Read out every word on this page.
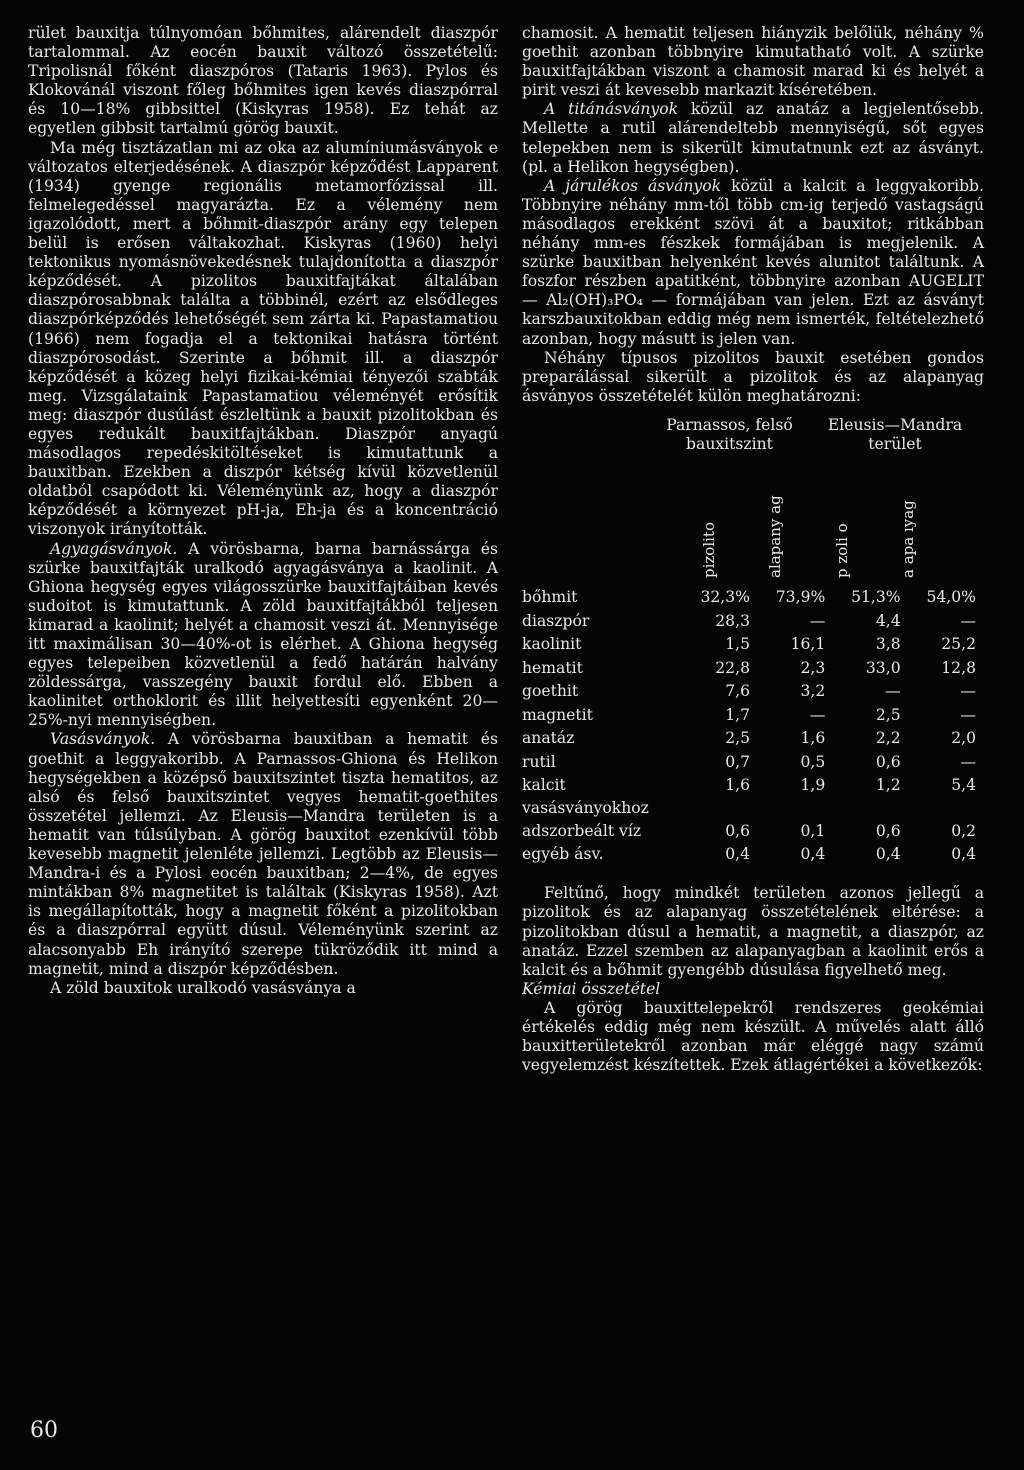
rület bauxitja túlnyomóan bőhmites, alárendelt diaszpór tartalommal. Az eocén bauxit változó összetételű: Tripolisnál főként diaszpóros (Tataris 1963). Pylos és Klokovánál viszont főleg bőhmites igen kevés diaszpórral és 10—18% gibbsittel (Kiskyras 1958). Ez tehát az egyetlen gibbsit tartalmú görög bauxit.

Ma még tisztázatlan mi az oka az alumíniumásványok e változatos elterjedésének. A diaszpór képződést Lapparent (1934) gyenge regionális metamorfózissal ill. felmelegedéssel magyarázta. Ez a vélemény nem igazolódott, mert a bőhmit-diaszpór arány egy telepen belül is erősen váltakozhat. Kiskyras (1960) helyi tektonikus nyomásnövekedésnek tulajdonította a diaszpór képződését. A pizolitos bauxitfajtákat általában diaszpórosabbnak találta a többinél, ezért az elsődleges diaszpórképződés lehetőségét sem zárta ki. Papastamatiou (1966) nem fogadja el a tektonikai hatásra történt diaszpórosodást. Szerinte a bőhmit ill. a diaszpór képződését a közeg helyi fizikai-kémiai tényezői szabták meg. Vizsgálataink Papastamatiou véleményét erősítik meg: diaszpór dusúlást észleltünk a bauxit pizolitokban és egyes redukált bauxitfajtákban. Diaszpór anyagú másodlagos repedéskitöltéseket is kimutattunk a bauxitban. Ezekben a diszpór kétség kívül közvetlenül oldatból csapódott ki. Véleményünk az, hogy a diaszpór képződését a környezet pH-ja, Eh-ja és a koncentráció viszonyok irányították.

Agyagásványok. A vörösbarna, barna barnássárga és szürke bauxitfajták uralkodó agyagásványa a kaolinit. A Ghiona hegység egyes világosszürke bauxitfajtáiban kevés sudoitot is kimutattunk. A zöld bauxitfajtákból teljesen kimarad a kaolinit; helyét a chamosit veszi át. Mennyisége itt maximálisan 30—40%-ot is elérhet. A Ghiona hegység egyes telepeiben közvetlenül a fedő határán halvány zöldessárga, vasszegény bauxit fordul elő. Ebben a kaolinitet orthoklorit és illit helyettesíti egyenként 20—25%-nyi mennyiségben.

Vasásványok. A vörösbarna bauxitban a hematit és goethit a leggyakoribb. A Parnassos-Ghiona és Helikon hegységekben a középső bauxitszintet tiszta hematitos, az alsó és felső bauxitszintet vegyes hematit-goethites összetétel jellemzi. Az Eleusis—Mandra területen is a hematit van túlsúlyban. A görög bauxitot ezenkívül több kevesebb magnetit jelenléte jellemzi. Legtöbb az Eleusis—Mandra-i és a Pylosi eocén bauxitban; 2—4%, de egyes mintákban 8% magnetitet is találtak (Kiskyras 1958). Azt is megállapították, hogy a magnetit főként a pizolitokban és a diaszpórral együtt dúsul. Véleményünk szerint az alacsonyabb Eh irányító szerepe tükröződik itt mind a magnetit, mind a diszpór képződésben.

A zöld bauxitok uralkodó vasásványa a

chamosit. A hematit teljesen hiányzik belőlük, néhány % goethit azonban többnyire kimutatható volt. A szürke bauxitfajtákban viszont a chamosit marad ki és helyét a pirit veszi át kevesebb markazit kíséretében.

A titánásványok közül az anatáz a legjelentősebb. Mellette a rutil alárendeltebb mennyiségű, sőt egyes telepekben nem is sikerült kimutatnunk ezt az ásványt. (pl. a Helikon hegységben).

A járulékos ásványok közül a kalcit a leggyakoribb. Többnyire néhány mm-től több cm-ig terjedő vastagságú másodlagos erekként szövi át a bauxitot; ritkábban néhány mm-es fészkek formájában is megjelenik. A szürke bauxitban helyenként kevés alunitot találtunk. A foszfor részben apatitként, többnyire azonban AUGELIT — Al₂(OH)₃PO₄ — formájában van jelen. Ezt az ásványt karszbauxitokban eddig még nem ismerték, feltételezhető azonban, hogy másutt is jelen van.

Néhány típusos pizolitos bauxit esetében gondos preparálással sikerült a pizolitok és az alapanyag ásványos összetételét külön meghatározni:

Parnassos, felső bauxitszint
Eleusis—Mandra terület
pizolito	alapany ag	p zoli o	a apa ıyag
bőhmit	32,3%	73,9%	51,3%	54,0%
diaszpór	28,3	—	4,4	—
kaolinit	1,5	16,1	3,8	25,2
hematit	22,8	2,3	33,0	12,8
goethit	7,6	3,2	—	—
magnetit	1,7	—	2,5	—
anatáz	2,5	1,6	2,2	2,0
rutil	0,7	0,5	0,6	—
kalcit	1,6	1,9	1,2	5,4
vasásványokhoz				
adszorbeált víz	0,6	0,1	0,6	0,2
egyéb ásv.	0,4	0,4	0,4	0,4

Feltűnő, hogy mindkét területen azonos jellegű a pizolitok és az alapanyag összetételének eltérése: a pizolitokban dúsul a hematit, a magnetit, a diaszpór, az anatáz. Ezzel szemben az alapanyagban a kaolinit erős a kalcit és a bőhmit gyengébb dúsulása figyelhető meg.

Kémiai összetétel

A görög bauxittelepekről rendszeres geokémiai értékelés eddig még nem készült. A művelés alatt álló bauxitterületekről azonban már eléggé nagy számú vegyelemzést készítettek. Ezek átlagértékei a következők:

60
